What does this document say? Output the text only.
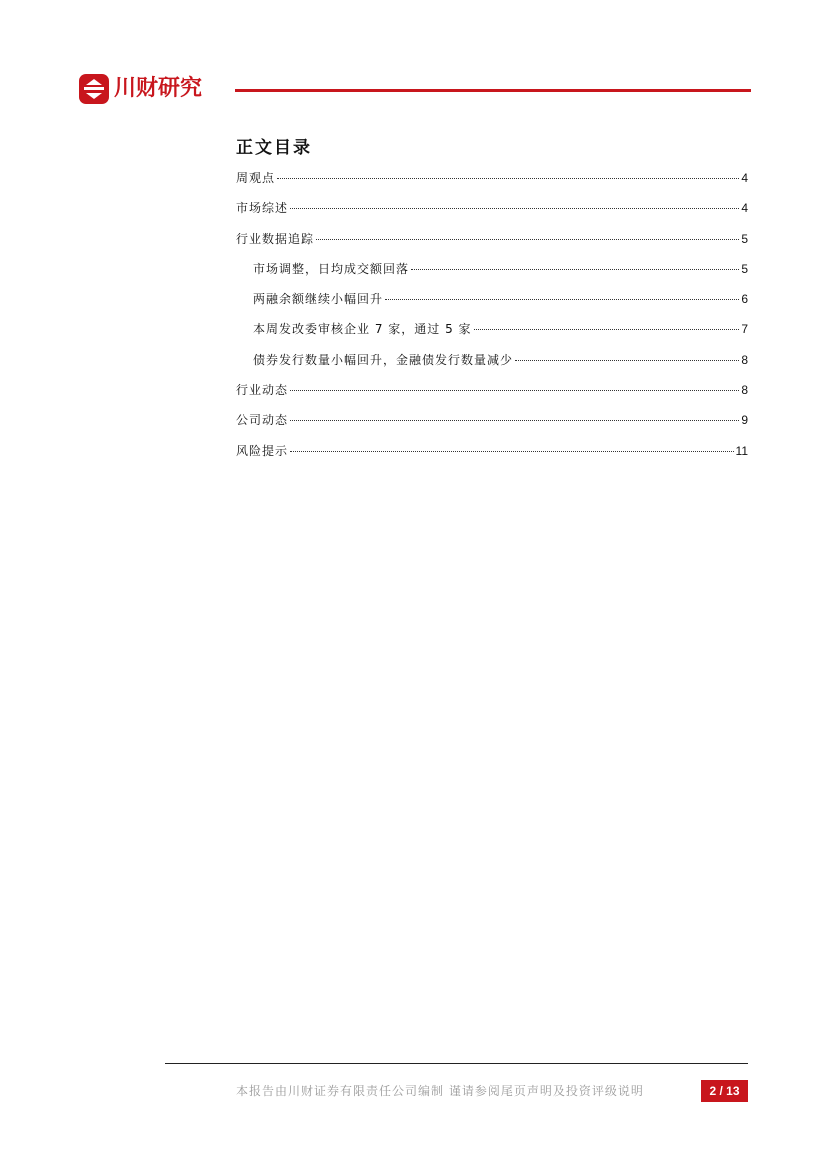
川财研究
正文目录
周观点	4
市场综述	4
行业数据追踪	5
市场调整，日均成交额回落	5
两融余额继续小幅回升	6
本周发改委审核企业 7 家，通过 5 家	7
债券发行数量小幅回升，金融债发行数量减少	8
行业动态	8
公司动态	9
风险提示	11
本报告由川财证券有限责任公司编制 谨请参阅尾页声明及投资评级说明	2 / 13
